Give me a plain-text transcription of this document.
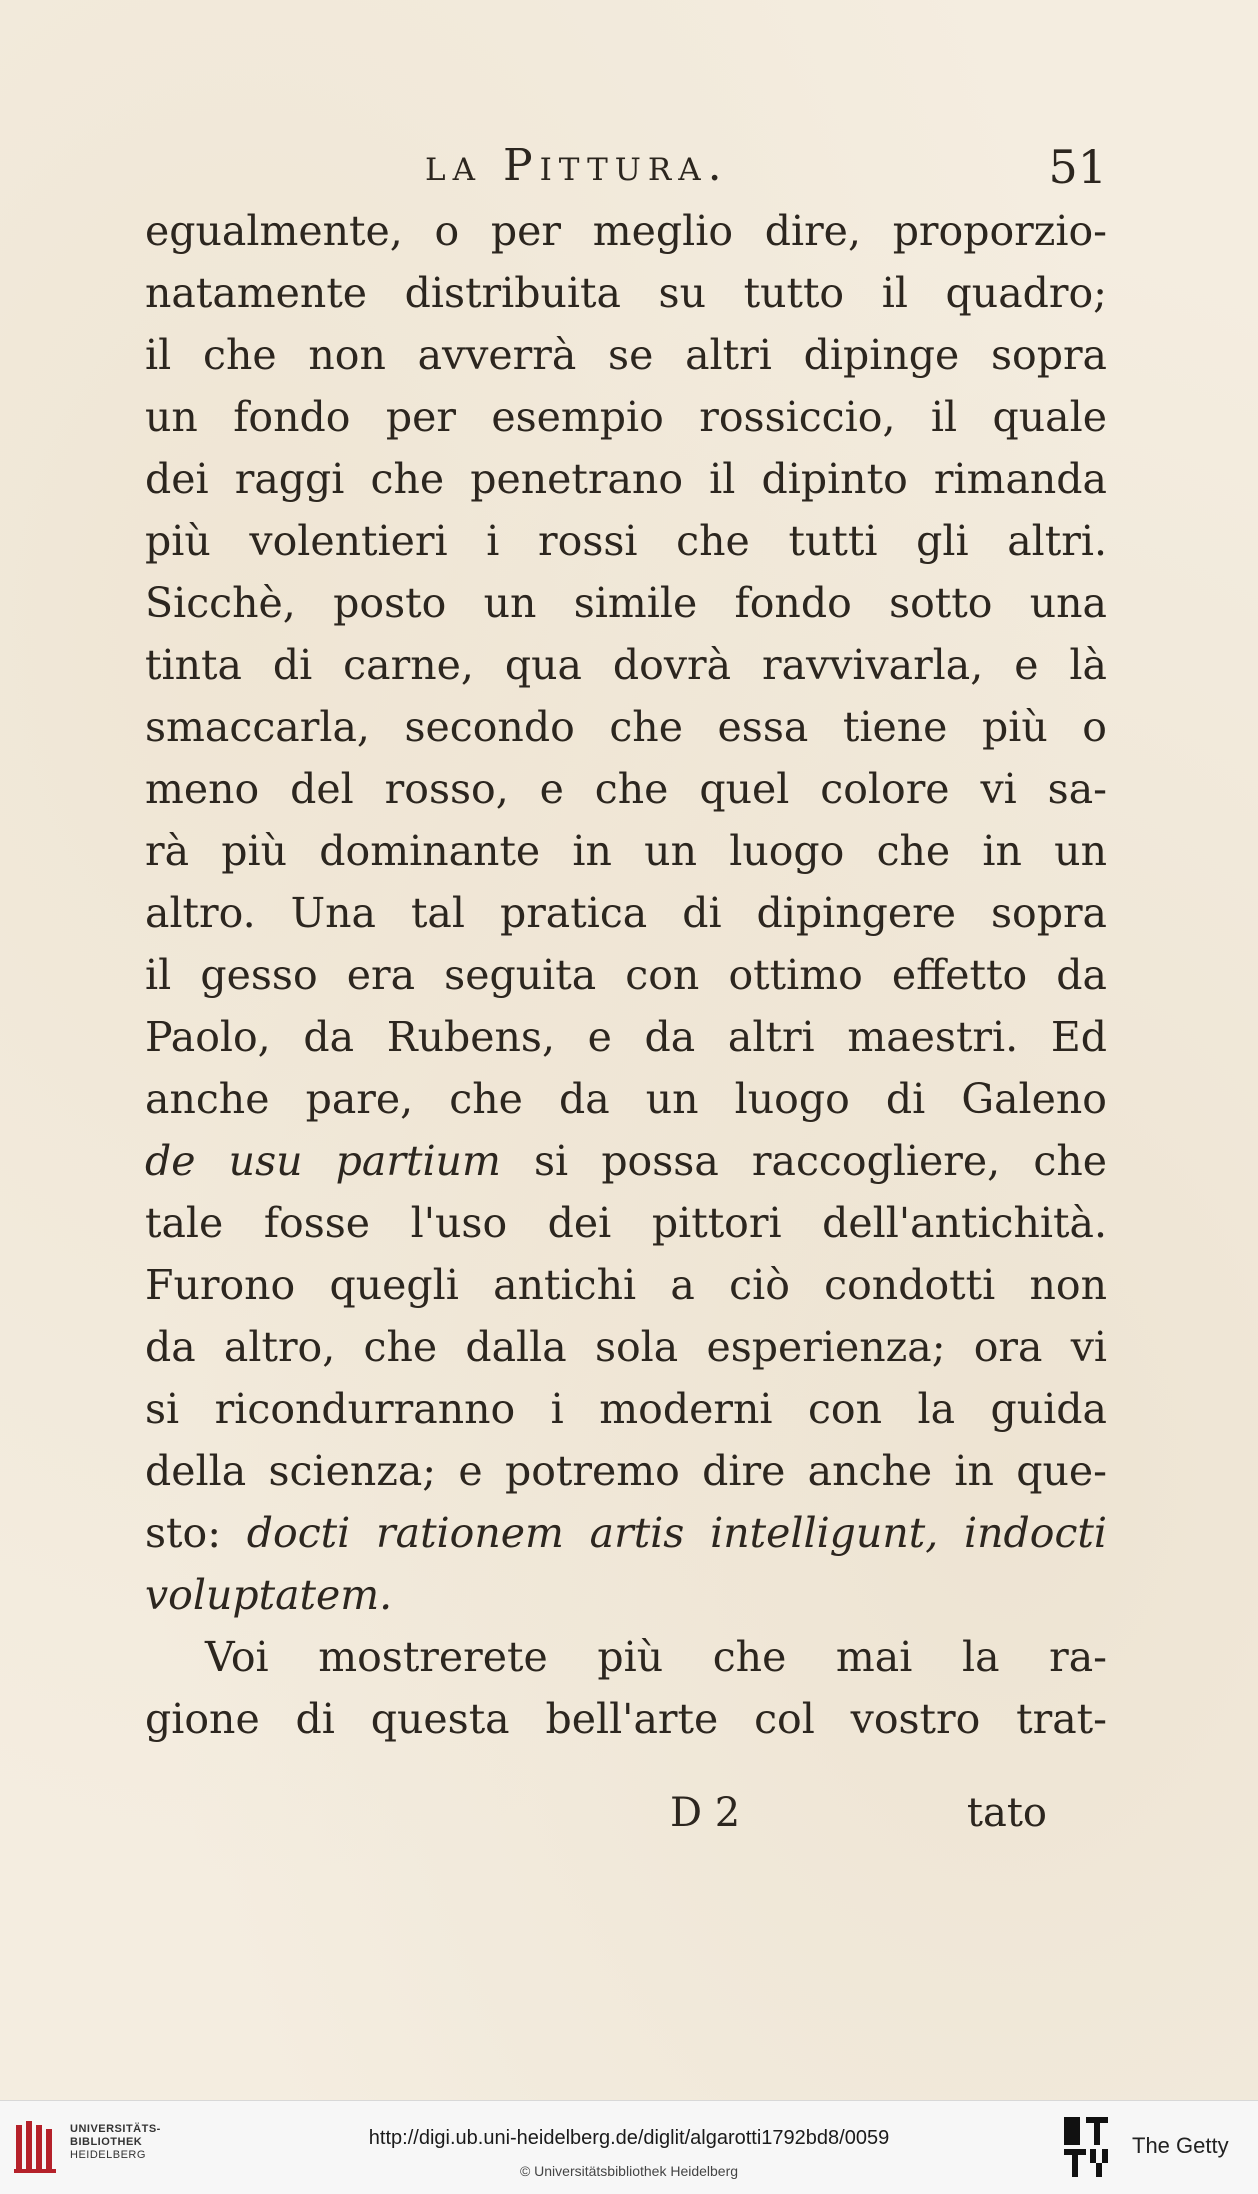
la Pittura.	51
egualmente, o per meglio dire, proporzio-
natamente distribuita su tutto il quadro;
il che non avverrà se altri dipinge sopra
un fondo per esempio rossiccio, il quale
dei raggi che penetrano il dipinto rimanda
più volentieri i rossi che tutti gli altri.
Sicchè, posto un simile fondo sotto una
tinta di carne, qua dovrà ravvivarla, e là
smaccarla, secondo che essa tiene più o
meno del rosso, e che quel colore vi sa-
rà più dominante in un luogo che in un
altro. Una tal pratica di dipingere sopra
il gesso era seguita con ottimo effetto da
Paolo, da Rubens, e da altri maestri. Ed
anche pare, che da un luogo di Galeno
de usu partium si possa raccogliere, che
tale fosse l'uso dei pittori dell'antichità.
Furono quegli antichi a ciò condotti non
da altro, che dalla sola esperienza; ora vi
si ricondurranno i moderni con la guida
della scienza; e potremo dire anche in que-
sto: docti rationem artis intelligunt, indocti
voluptatem.
Voi mostrerete più che mai la ra-
gione di questa bell'arte col vostro trat-
D 2	tato
UNIVERSITÄTS-
BIBLIOTHEK
HEIDELBERG
http://digi.ub.uni-heidelberg.de/diglit/algarotti1792bd8/0059
© Universitätsbibliothek Heidelberg
The Getty
